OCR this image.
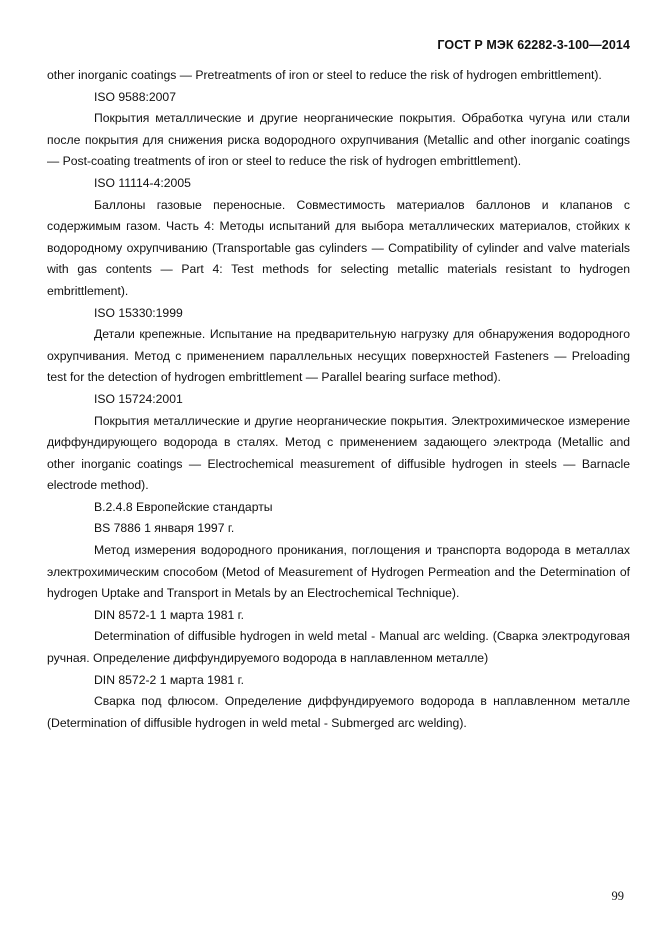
ГОСТ Р МЭК 62282-3-100—2014

other inorganic coatings — Pretreatments of iron or steel to reduce the risk of hydrogen embrittlement).

ISO 9588:2007

Покрытия металлические и другие неорганические покрытия. Обработка чугуна или стали после покрытия для снижения риска водородного охрупчивания (Metallic and other inorganic coatings — Post-coating treatments of iron or steel to reduce the risk of hydrogen embrittlement).

ISO 11114-4:2005

Баллоны газовые переносные. Совместимость материалов баллонов и клапанов с содержимым газом. Часть 4: Методы испытаний для выбора металлических материалов, стойких к водородному охрупчиванию (Transportable gas cylinders — Compatibility of cylinder and valve materials with gas contents — Part 4: Test methods for selecting metallic materials resistant to hydrogen embrittlement).

ISO 15330:1999

Детали крепежные. Испытание на предварительную нагрузку для обнаружения водородного охрупчивания. Метод с применением параллельных несущих поверхностей Fasteners — Preloading test for the detection of hydrogen embrittlement — Parallel bearing surface method).

ISO 15724:2001

Покрытия металлические и другие неорганические покрытия. Электрохимическое измерение диффундирующего водорода в сталях. Метод с применением задающего электрода (Metallic and other inorganic coatings — Electrochemical measurement of diffusible hydrogen in steels — Barnacle electrode method).

B.2.4.8 Европейские стандарты

BS 7886 1 января 1997 г.

Метод измерения водородного проникания, поглощения и транспорта водорода в металлах электрохимическим способом (Metod of Measurement of Hydrogen Permeation and the Determination of hydrogen Uptake and Transport in Metals by an Electrochemical Technique).

DIN 8572-1 1 марта 1981 г.

Determination of diffusible hydrogen in weld metal - Manual arc welding. (Сварка электродуговая ручная. Определение диффундируемого водорода в наплавленном металле)

DIN 8572-2 1 марта 1981 г.

Сварка под флюсом. Определение диффундируемого водорода в наплавленном металле (Determination of diffusible hydrogen in weld metal - Submerged arc welding).

99
